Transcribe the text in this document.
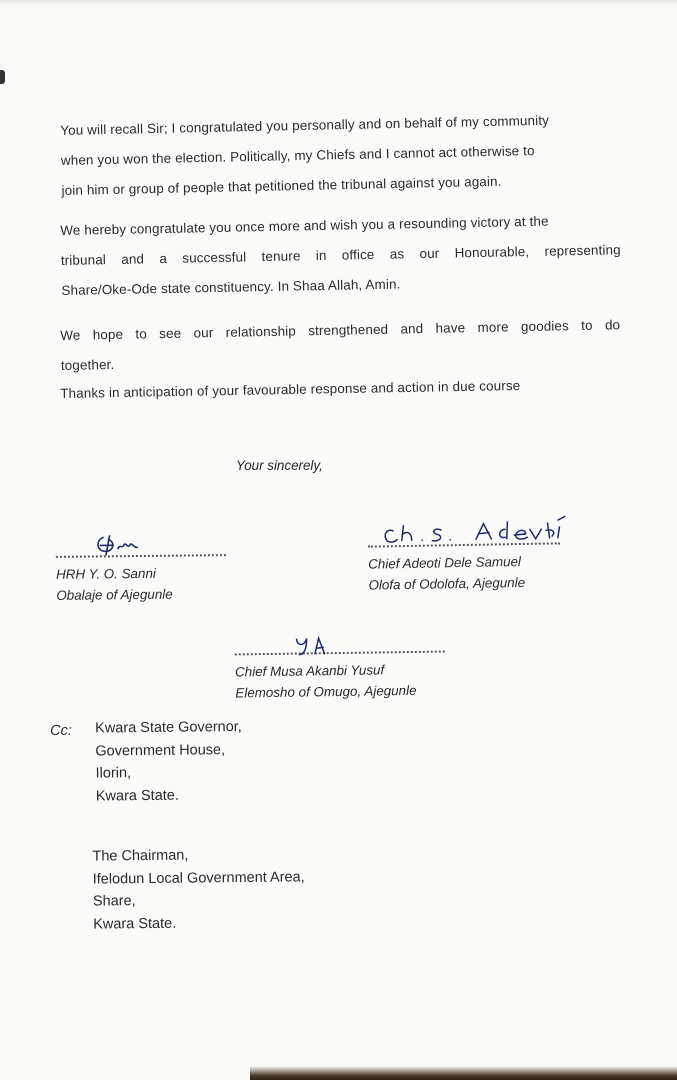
You will recall Sir; I congratulated you personally and on behalf of my community
when you won the election. Politically, my Chiefs and I cannot act otherwise to
join him or group of people that petitioned the tribunal against you again.
We hereby congratulate you once more and wish you a resounding victory at the
tribunal and a successful tenure in office as our Honourable, representing
Share/Oke-Ode state constituency. In Shaa Allah, Amin.
We hope to see our relationship strengthened and have more goodies to do
together.
Thanks in anticipation of your favourable response and action in due course
Your sincerely,
HRH Y. O. Sanni
Obalaje of Ajegunle
Chief Adeoti Dele Samuel
Olofa of Odolofa, Ajegunle
Chief Musa Akanbi Yusuf
Elemosho of Omugo, Ajegunle
Cc:	Kwara State Governor,
Government House,
Ilorin,
Kwara State.
The Chairman,
Ifelodun Local Government Area,
Share,
Kwara State.
